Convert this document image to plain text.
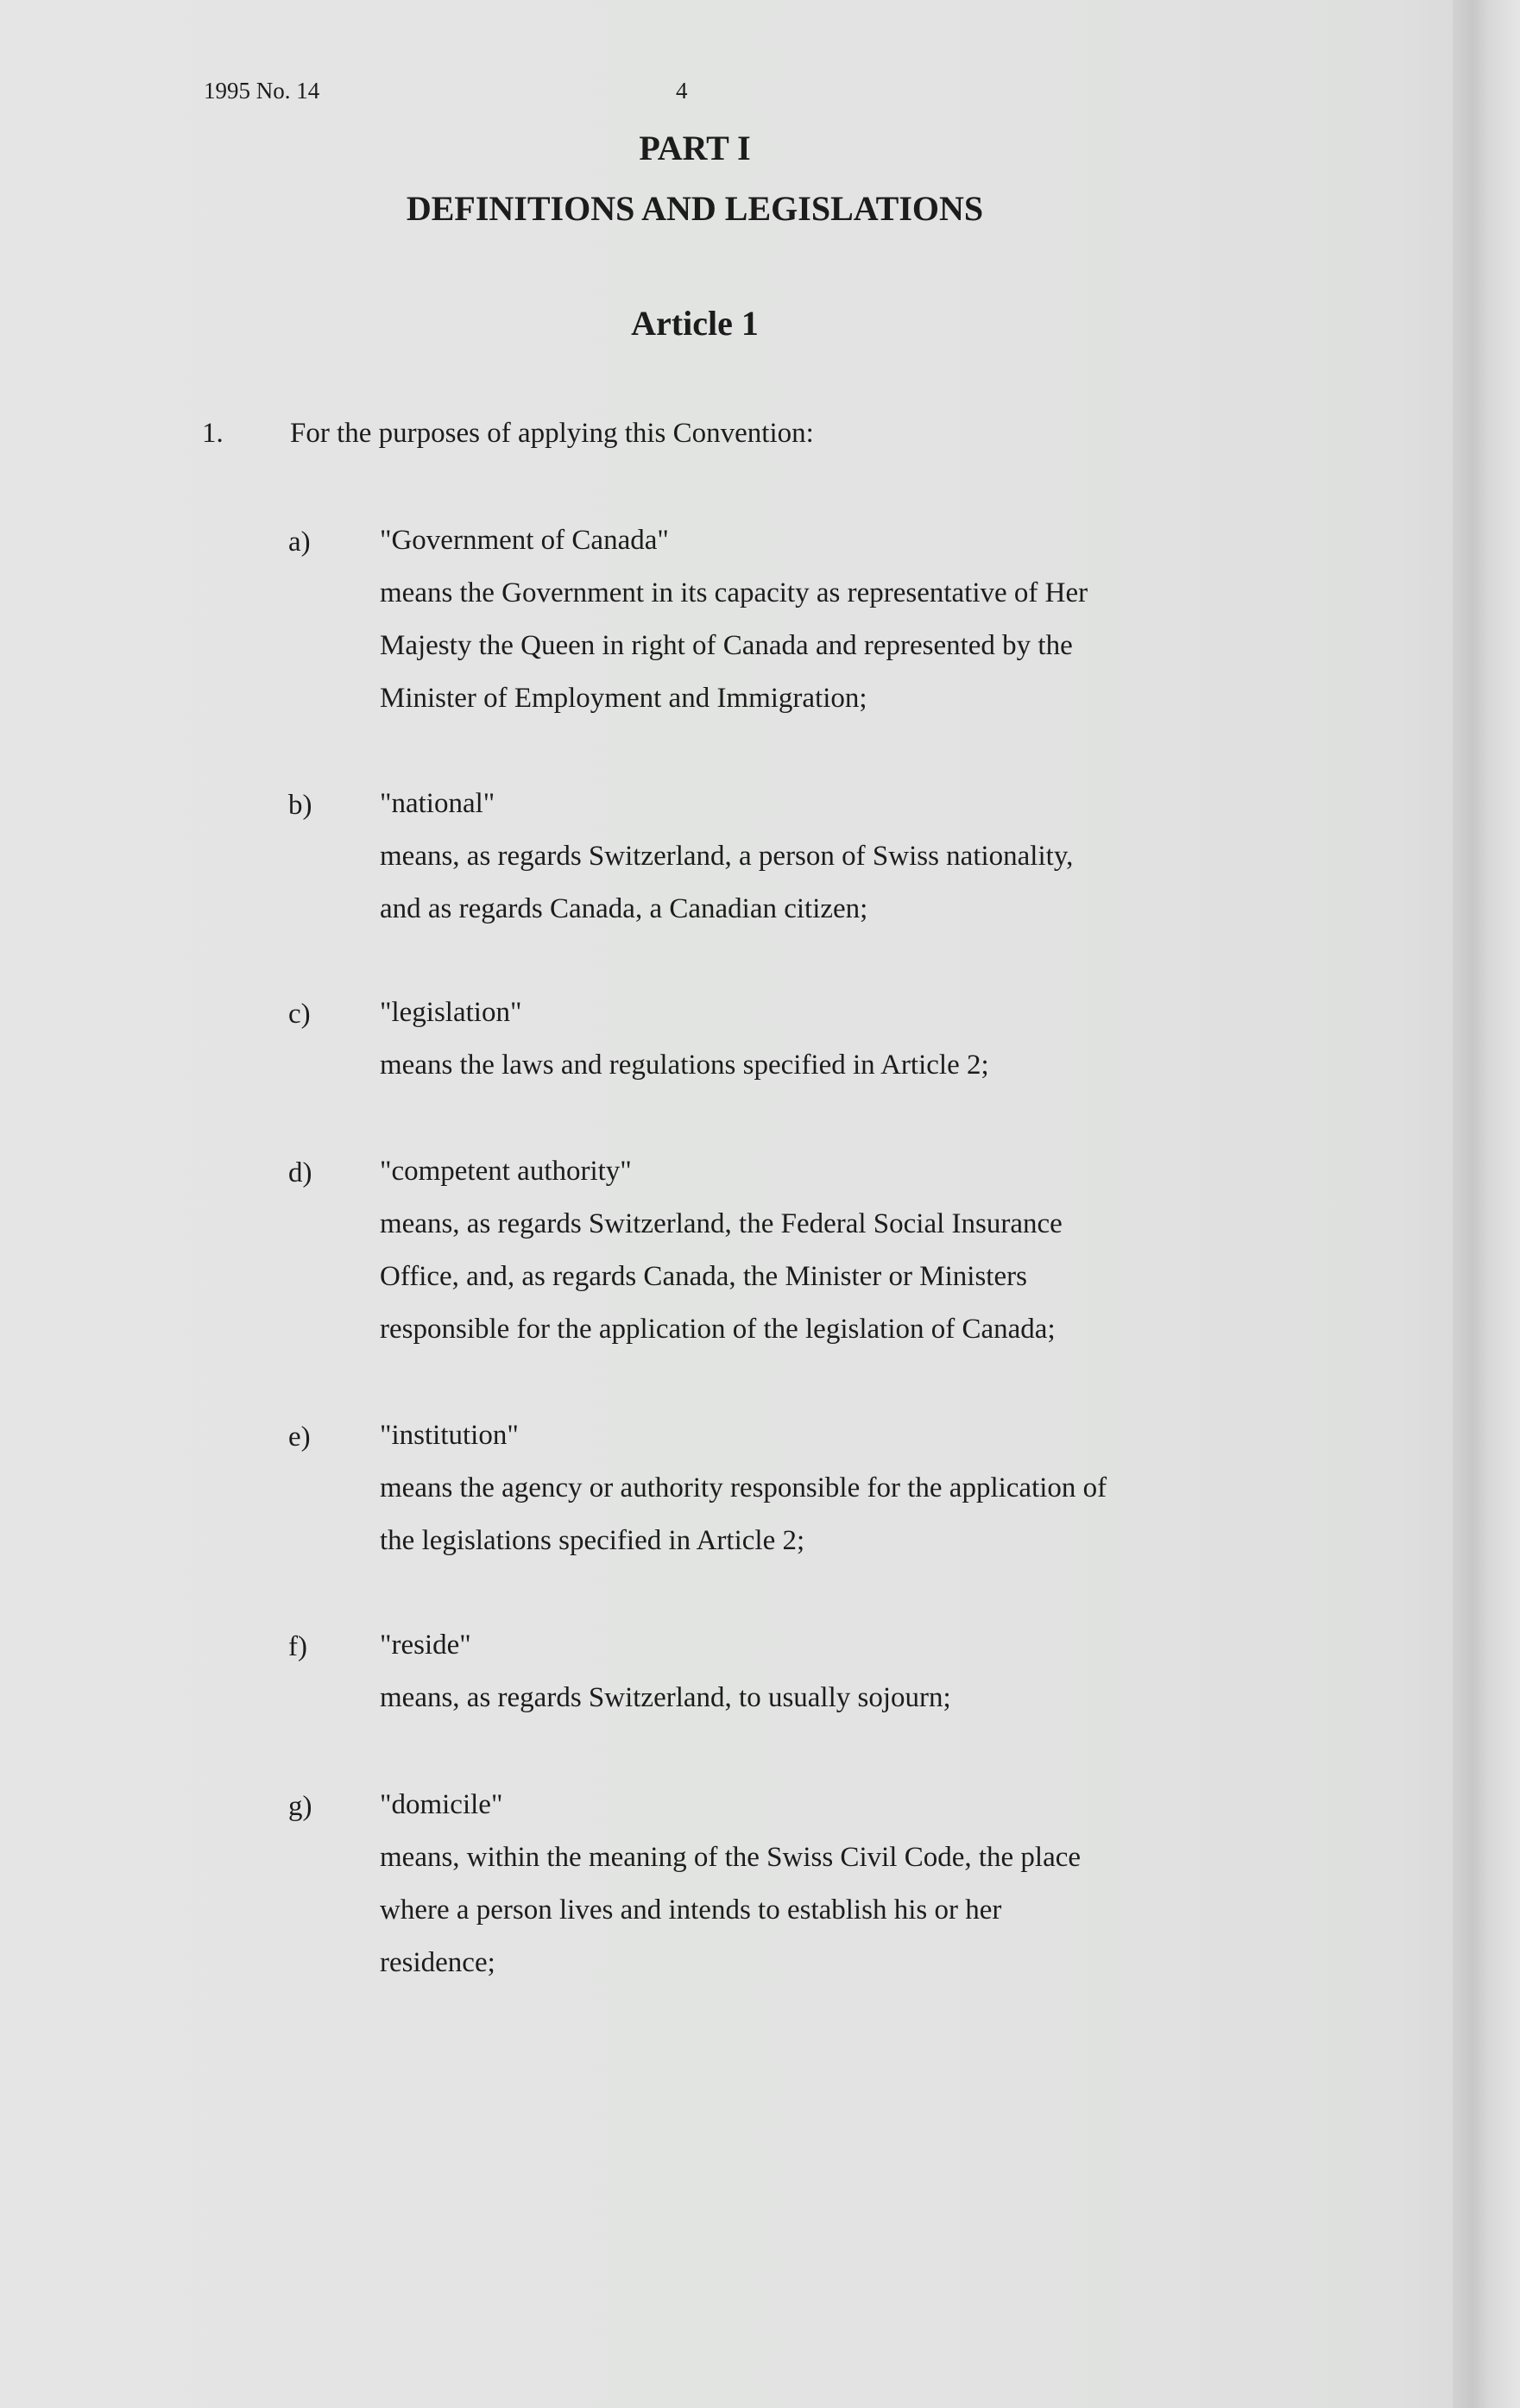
1995 No. 14	4
PART I
DEFINITIONS AND LEGISLATIONS
Article 1
1. For the purposes of applying this Convention:
a) "Government of Canada"
means the Government in its capacity as representative of Her
Majesty the Queen in right of Canada and represented by the
Minister of Employment and Immigration;
b) "national"
means, as regards Switzerland, a person of Swiss nationality,
and as regards Canada, a Canadian citizen;
c) "legislation"
means the laws and regulations specified in Article 2;
d) "competent authority"
means, as regards Switzerland, the Federal Social Insurance
Office, and, as regards Canada, the Minister or Ministers
responsible for the application of the legislation of Canada;
e) "institution"
means the agency or authority responsible for the application of
the legislations specified in Article 2;
f)	"reside"
means, as regards Switzerland, to usually sojourn;
g) "domicile"
means, within the meaning of the Swiss Civil Code, the place
where a person lives and intends to establish his or her
residence;
